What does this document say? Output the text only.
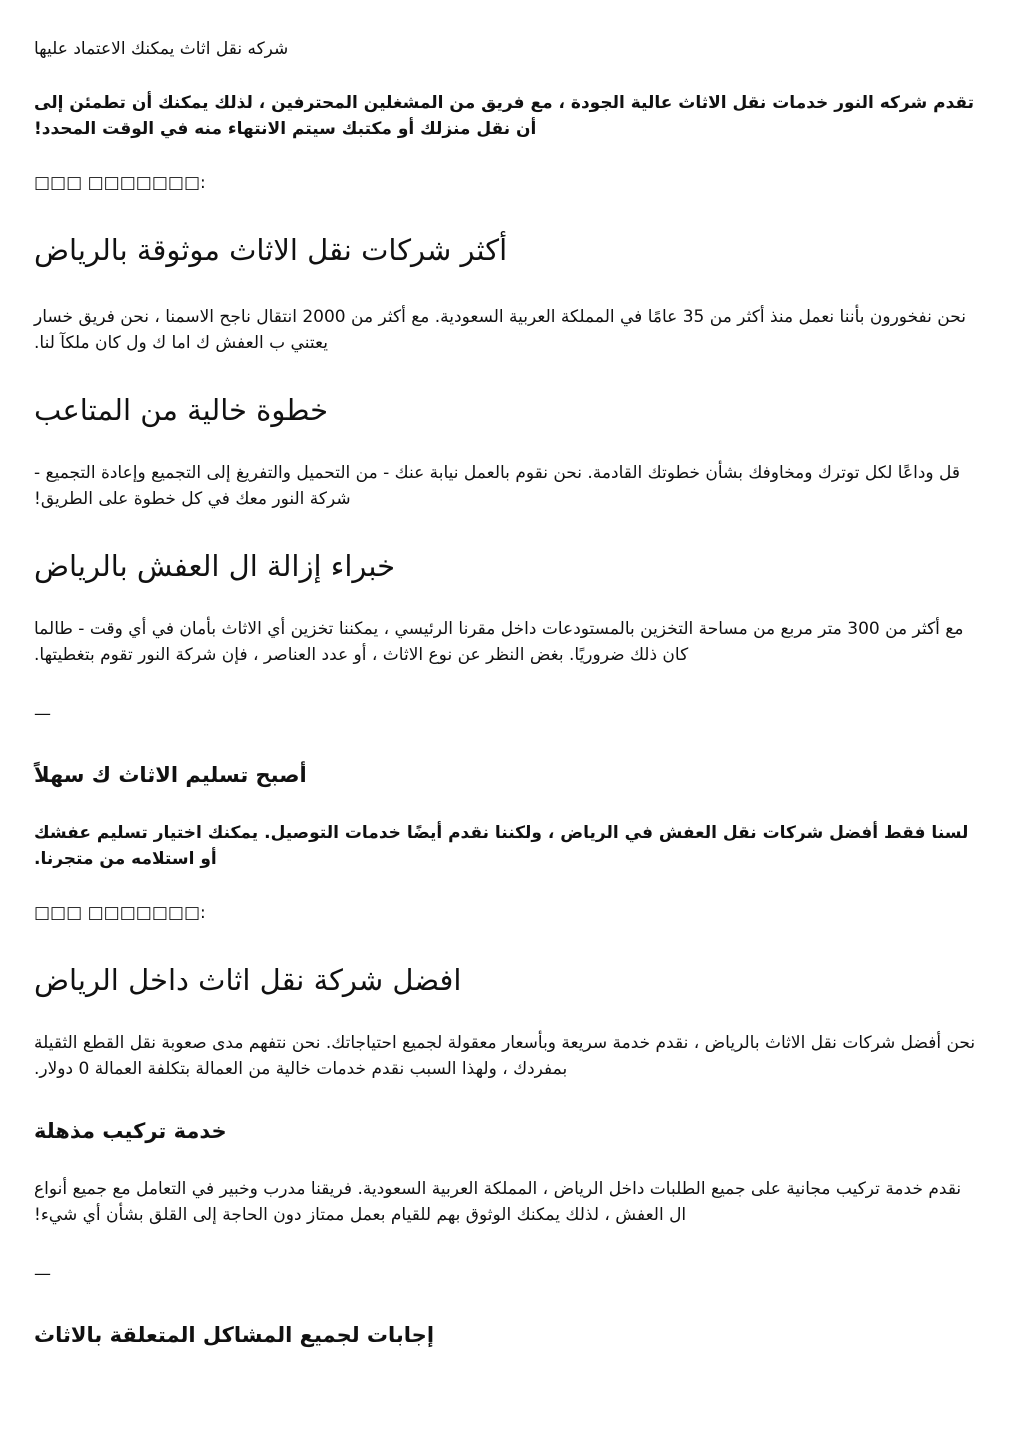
شركه نقل اثاث يمكنك الاعتماد عليها

تقدم شركه النور خدمات نقل الاثاث عالية الجودة ، مع فريق من المشغلين المحترفين ، لذلك يمكنك أن تطمئن إلى أن نقل منزلك أو مكتبك سيتم الانتهاء منه في الوقت المحدد!

□□□ □□□□□□□:

أكثر شركات نقل الاثاث موثوقة بالرياض

نحن نفخورون بأننا نعمل منذ أكثر من 35 عامًا في المملكة العربية السعودية. مع أكثر من 2000 انتقال ناجح الاسمنا ، نحن فريق خسار يعتني ب العفش ك اما ك ول كان ملكآ لنا.

خطوة خالية من المتاعب

قل وداعًا لكل توترك ومخاوفك بشأن خطوتك القادمة. نحن نقوم بالعمل نيابة عنك - من التحميل والتفريغ إلى التجميع وإعادة التجميع - شركة النور معك في كل خطوة على الطريق!

خبراء إزالة ال العفش بالرياض

مع أكثر من 300 متر مربع من مساحة التخزين بالمستودعات داخل مقرنا الرئيسي ، يمكننا تخزين أي الاثاث بأمان في أي وقت - طالما كان ذلك ضروريًا. بغض النظر عن نوع الاثاث ، أو عدد العناصر ، فإن شركة النور تقوم بتغطيتها.

—

أصبح تسليم الاثاث ك سهلاً

لسنا فقط أفضل شركات نقل العفش في الرياض ، ولكننا نقدم أيضًا خدمات التوصيل. يمكنك اختيار تسليم عفشك أو استلامه من متجرنا.

□□□ □□□□□□□:

افضل شركة نقل اثاث داخل الرياض

نحن أفضل شركات نقل الاثاث بالرياض ، نقدم خدمة سريعة وبأسعار معقولة لجميع احتياجاتك. نحن نتفهم مدى صعوبة نقل القطع الثقيلة بمفردك ، ولهذا السبب نقدم خدمات خالية من العمالة بتكلفة العمالة 0 دولار.

خدمة تركيب مذهلة

نقدم خدمة تركيب مجانية على جميع الطلبات داخل الرياض ، المملكة العربية السعودية. فريقنا مدرب وخبير في التعامل مع جميع أنواع ال العفش ، لذلك يمكنك الوثوق بهم للقيام بعمل ممتاز دون الحاجة إلى القلق بشأن أي شيء!

—

إجابات لجميع المشاكل المتعلقة بالاثاث
